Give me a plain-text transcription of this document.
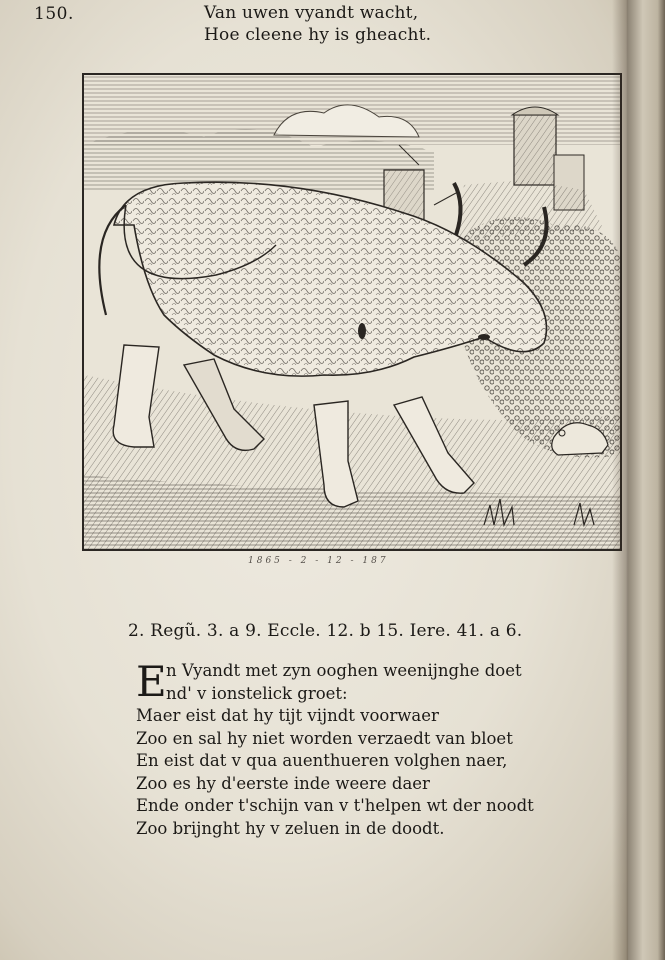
150.	Van uwen vyandt wacht,
Hoe cleene hy is gheacht.
1865 - 2 - 12 - 187
2. Regũ. 3. a 9. Eccle. 12. b 15. Iere. 41. a 6.
E n Vyandt met zyn ooghen weenijnghe doet
nd' v ionstelick groet:
Maer eist dat hy tijt vijndt voorwaer
Zoo en sal hy niet worden verzaedt van bloet
En eist dat v qua auenthueren volghen naer,
Zoo es hy d'eerste inde weere daer
Ende onder t'schijn van v t'helpen wt der noodt
Zoo brijnght hy v zeluen in de doodt.
